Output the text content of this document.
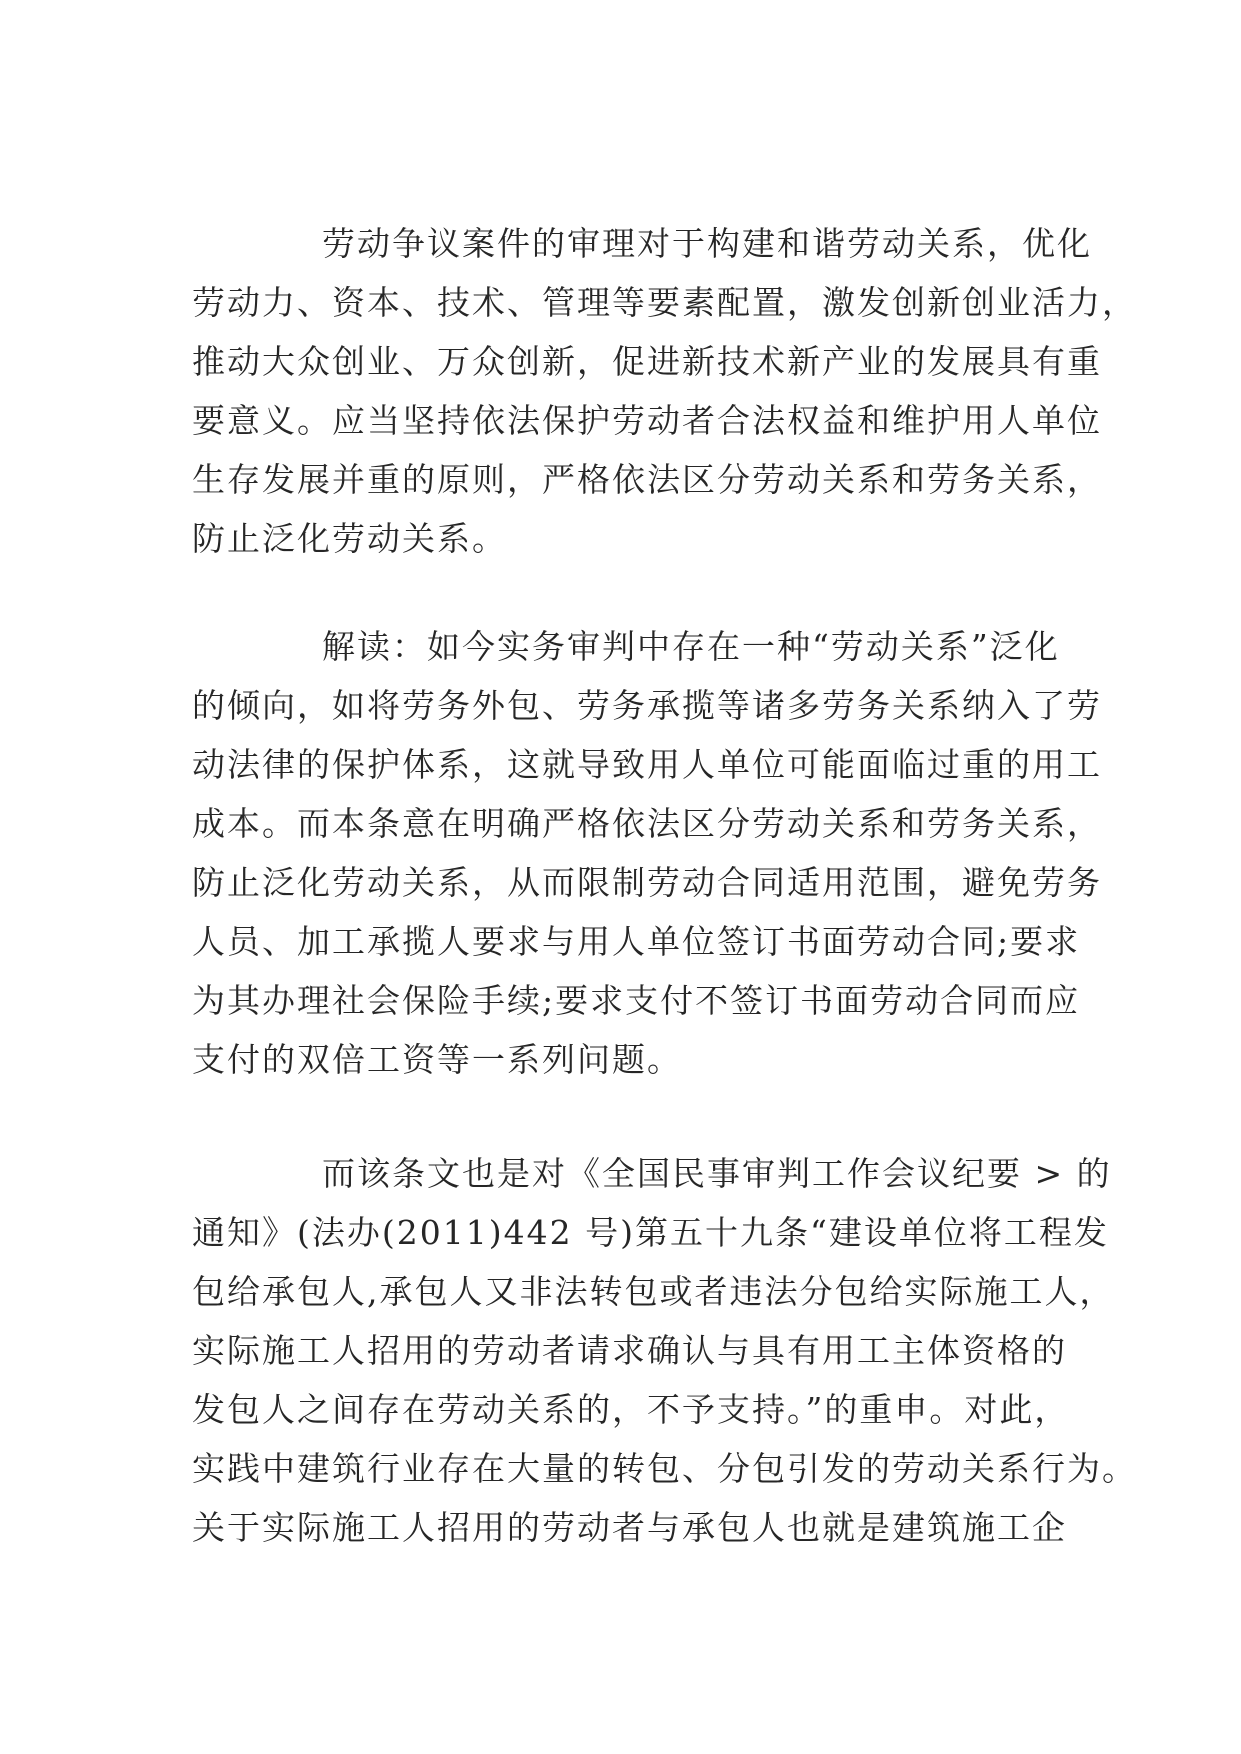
劳动争议案件的审理对于构建和谐劳动关系，优化
劳动力、资本、技术、管理等要素配置，激发创新创业活力，
推动大众创业、万众创新，促进新技术新产业的发展具有重
要意义。应当坚持依法保护劳动者合法权益和维护用人单位
生存发展并重的原则，严格依法区分劳动关系和劳务关系，
防止泛化劳动关系。
解读：如今实务审判中存在一种“劳动关系”泛化
的倾向，如将劳务外包、劳务承揽等诸多劳务关系纳入了劳
动法律的保护体系，这就导致用人单位可能面临过重的用工
成本。而本条意在明确严格依法区分劳动关系和劳务关系，
防止泛化劳动关系，从而限制劳动合同适用范围，避免劳务
人员、加工承揽人要求与用人单位签订书面劳动合同;要求
为其办理社会保险手续;要求支付不签订书面劳动合同而应
支付的双倍工资等一系列问题。
而该条文也是对《全国民事审判工作会议纪要 > 的
通知》(法办(2011)442 号)第五十九条“建设单位将工程发
包给承包人,承包人又非法转包或者违法分包给实际施工人，
实际施工人招用的劳动者请求确认与具有用工主体资格的
发包人之间存在劳动关系的，不予支持。”的重申。对此，
实践中建筑行业存在大量的转包、分包引发的劳动关系行为。
关于实际施工人招用的劳动者与承包人也就是建筑施工企
